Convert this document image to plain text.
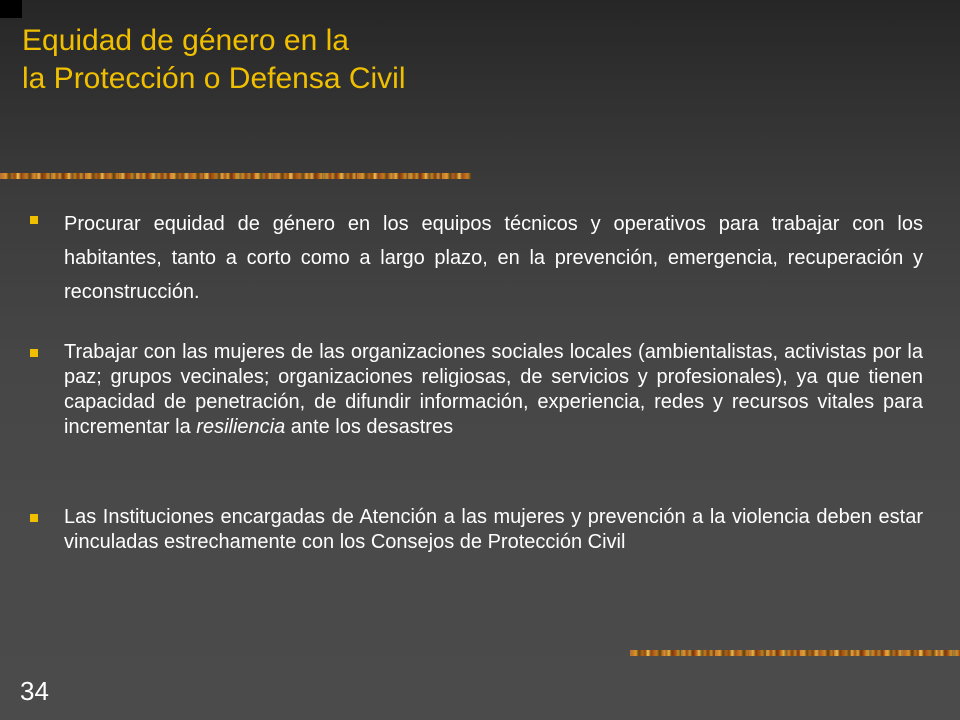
Equidad de género en la
la Protección o Defensa Civil

Procurar equidad de género en los equipos técnicos y operativos para trabajar con los habitantes, tanto a corto como a largo plazo, en la prevención, emergencia, recuperación y reconstrucción.

Trabajar con las mujeres de las organizaciones sociales locales (ambientalistas, activistas por la paz; grupos vecinales; organizaciones religiosas, de servicios y profesionales), ya que tienen capacidad de penetración, de difundir información, experiencia, redes y recursos vitales para incrementar la resiliencia ante los desastres

Las Instituciones encargadas de Atención a las mujeres y prevención a la violencia deben estar vinculadas estrechamente con los Consejos de Protección Civil

34
